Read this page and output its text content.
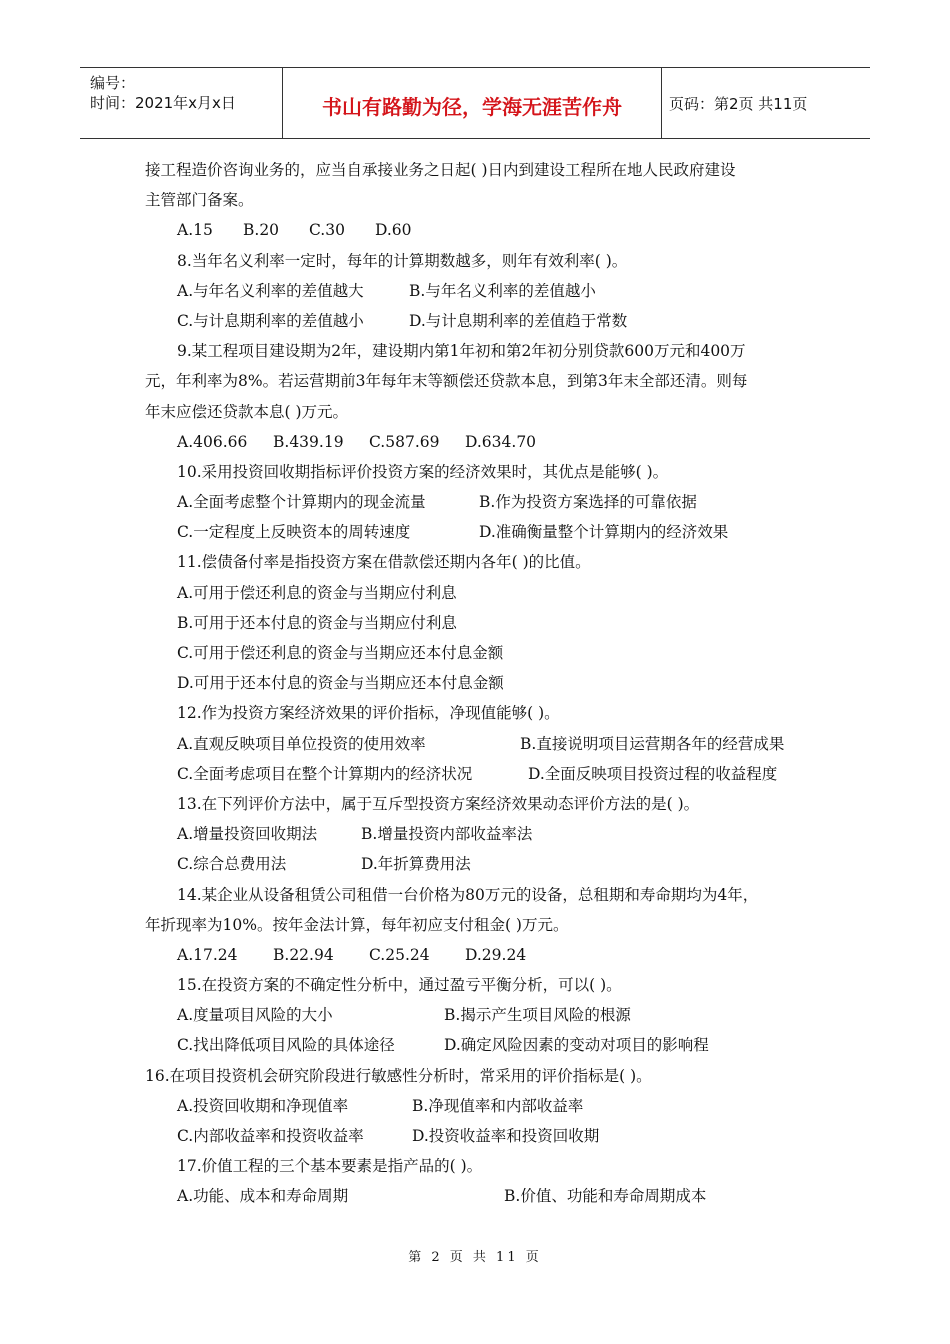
编号：
时间：2021年x月x日	书山有路勤为径，学海无涯苦作舟	页码：第2页 共11页
接工程造价咨询业务的，应当自承接业务之日起( )日内到建设工程所在地人民政府建设
主管部门备案。
A.15 B.20 C.30 D.60
8.当年名义利率一定时，每年的计算期数越多，则年有效利率( )。
A.与年名义利率的差值越大	B.与年名义利率的差值越小
C.与计息期利率的差值越小	D.与计息期利率的差值趋于常数
9.某工程项目建设期为2年，建设期内第1年初和第2年初分别贷款600万元和400万
元，年利率为8%。若运营期前3年每年末等额偿还贷款本息，到第3年末全部还清。则每
年末应偿还贷款本息( )万元。
A.406.66 B.439.19 C.587.69 D.634.70
10.采用投资回收期指标评价投资方案的经济效果时，其优点是能够( )。
A.全面考虑整个计算期内的现金流量	B.作为投资方案选择的可靠依据
C.一定程度上反映资本的周转速度	D.准确衡量整个计算期内的经济效果
11.偿债备付率是指投资方案在借款偿还期内各年( )的比值。
A.可用于偿还利息的资金与当期应付利息
B.可用于还本付息的资金与当期应付利息
C.可用于偿还利息的资金与当期应还本付息金额
D.可用于还本付息的资金与当期应还本付息金额
12.作为投资方案经济效果的评价指标，净现值能够( )。
A.直观反映项目单位投资的使用效率	B.直接说明项目运营期各年的经营成果
C.全面考虑项目在整个计算期内的经济状况	D.全面反映项目投资过程的收益程度
13.在下列评价方法中，属于互斥型投资方案经济效果动态评价方法的是( )。
A.增量投资回收期法	B.增量投资内部收益率法
C.综合总费用法	D.年折算费用法
14.某企业从设备租赁公司租借一台价格为80万元的设备，总租期和寿命期均为4年，
年折现率为10%。按年金法计算，每年初应支付租金( )万元。
A.17.24 B.22.94 C.25.24 D.29.24
15.在投资方案的不确定性分析中，通过盈亏平衡分析，可以( )。
A.度量项目风险的大小	B.揭示产生项目风险的根源
C.找出降低项目风险的具体途径	D.确定风险因素的变动对项目的影响程
16.在项目投资机会研究阶段进行敏感性分析时，常采用的评价指标是( )。
A.投资回收期和净现值率	B.净现值率和内部收益率
C.内部收益率和投资收益率	D.投资收益率和投资回收期
17.价值工程的三个基本要素是指产品的( )。
A.功能、成本和寿命周期	B.价值、功能和寿命周期成本
第 2 页 共 11 页
